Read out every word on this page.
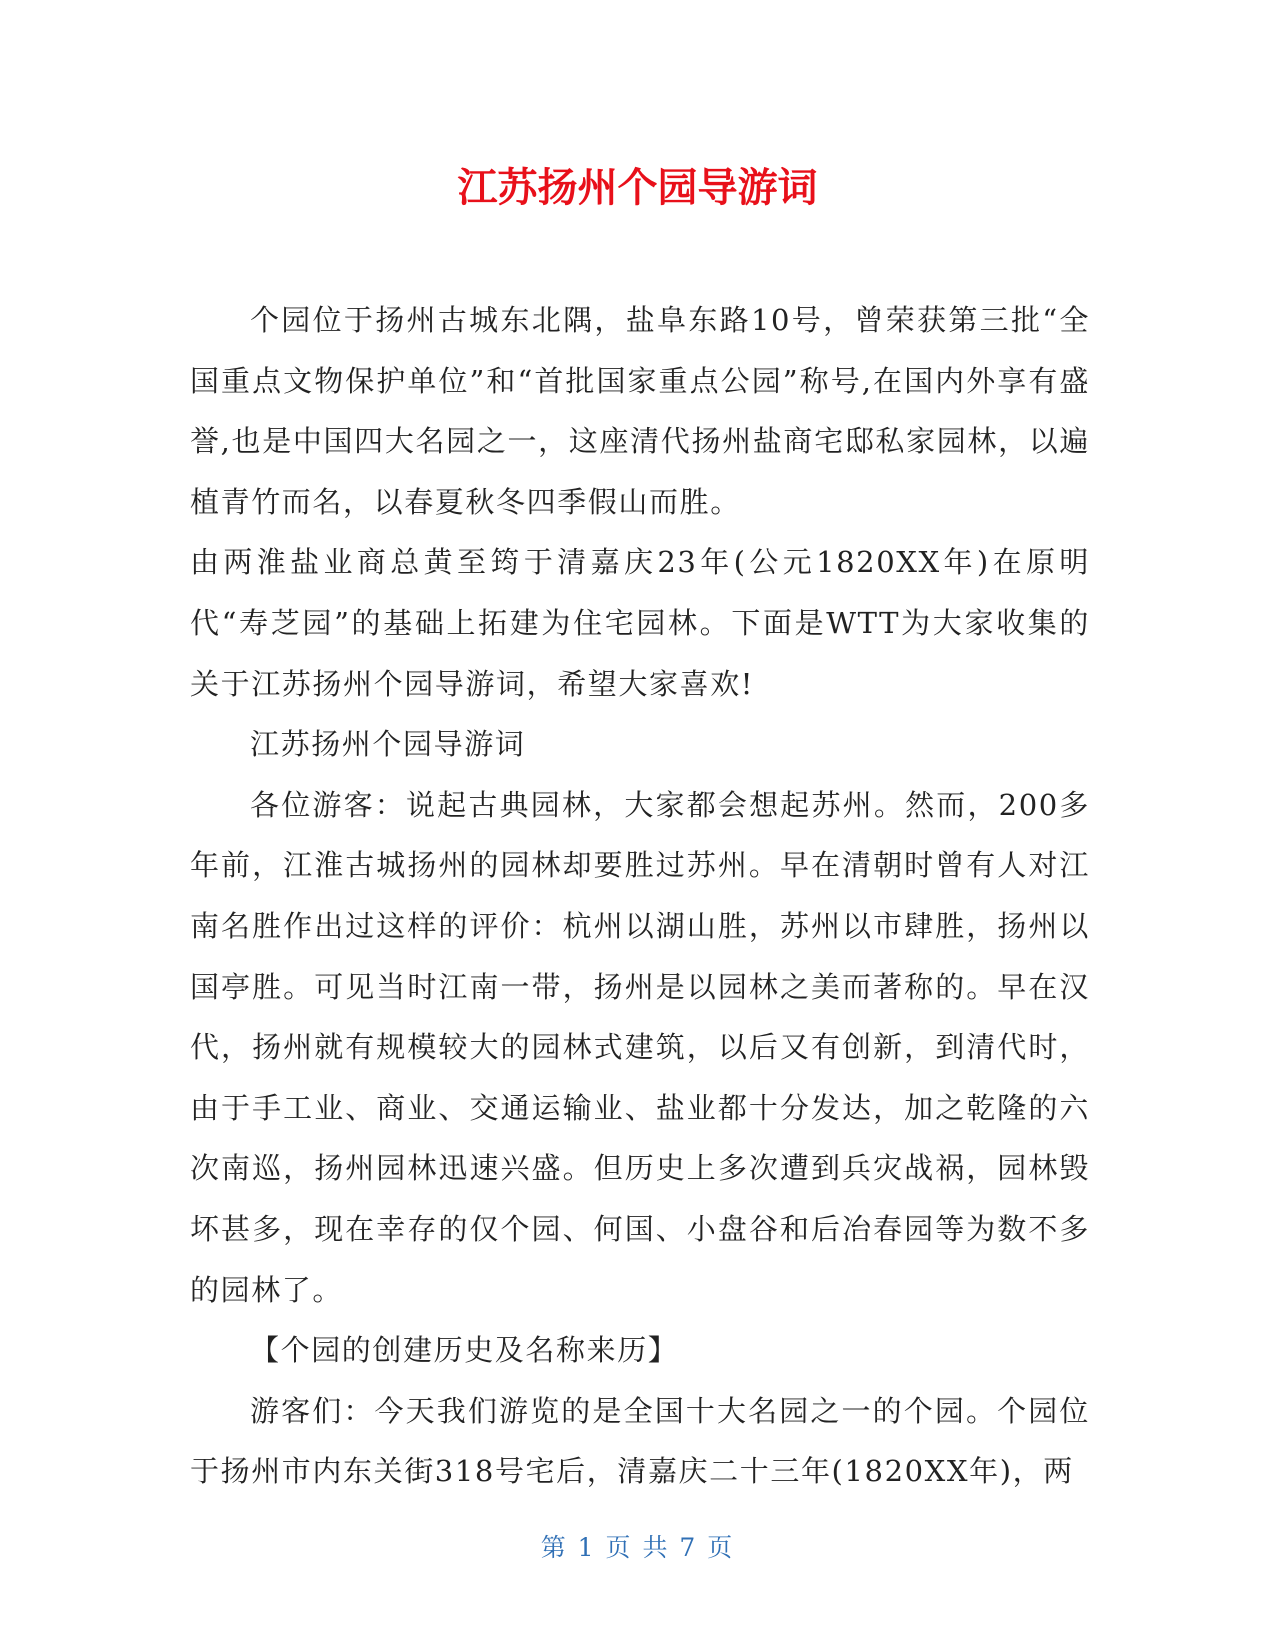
江苏扬州个园导游词

个园位于扬州古城东北隅，盐阜东路10号，曾荣获第三批“全国重点文物保护单位”和“首批国家重点公园”称号,在国内外享有盛誉,也是中国四大名园之一，这座清代扬州盐商宅邸私家园林，以遍植青竹而名，以春夏秋冬四季假山而胜。

由两淮盐业商总黄至筠于清嘉庆23年(公元1820XX年)在原明代“寿芝园”的基础上拓建为住宅园林。下面是WTT为大家收集的关于江苏扬州个园导游词，希望大家喜欢!

江苏扬州个园导游词

各位游客：说起古典园林，大家都会想起苏州。然而，200多年前，江淮古城扬州的园林却要胜过苏州。早在清朝时曾有人对江南名胜作出过这样的评价：杭州以湖山胜，苏州以市肆胜，扬州以国亭胜。可见当时江南一带，扬州是以园林之美而著称的。早在汉代，扬州就有规模较大的园林式建筑，以后又有创新，到清代时，由于手工业、商业、交通运输业、盐业都十分发达，加之乾隆的六次南巡，扬州园林迅速兴盛。但历史上多次遭到兵灾战祸，园林毁坏甚多，现在幸存的仅个园、何国、小盘谷和后冶春园等为数不多的园林了。

【个园的创建历史及名称来历】

游客们：今天我们游览的是全国十大名园之一的个园。个园位于扬州市内东关街318号宅后，清嘉庆二十三年(1820XX年)，两

第 1 页 共 7 页
